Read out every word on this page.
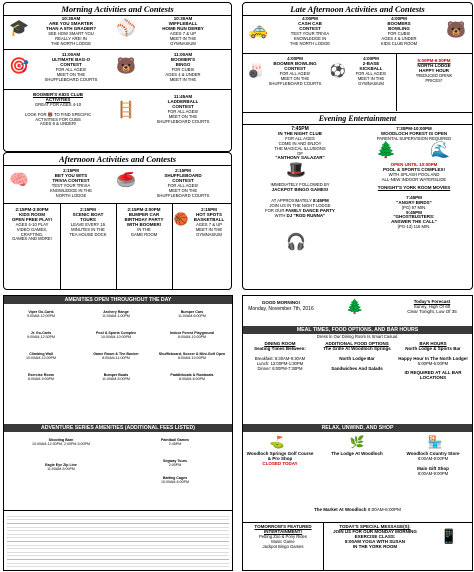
Morning Activities and Contests
🎓
10:30AM
ARE YOU SMARTER
THAN A 5TH GRADER?
SEE HOW SMART YOU
REALLY ARE! IN
THE NORTH LODGE
⚾
10:30AM
WIFFLEBALL
HOME RUN DERBY
AGES 7 & UP
MEET IN THE
GYMNASIUM
🎯
11:00AM
ULTIMATE BAG-O
CONTEST
FOR ALL AGES!
MEET ON THE
SHUFFLEBOARD COURTS
🐻
11:00AM
BOOMER'S
BINGO
FOR CUBS!
AGES 4 & UNDER
MEET IN THE
BOOMER'S KIDS CLUB
ACTIVITIES
GREAT FOR AGES 4-10

LOOK FOR 🐻 TO FIND SPECIFIC
ACTIVITIES FOR CUBS
AGES 6 & UNDER!
🪜
11:45AM
LADDERBALL
CONTEST
FOR ALL AGES!
MEET ON THE
SHUFFLEBOARD COURTS
Afternoon Activities and Contests
🧠
2:15PM
BET YOU WITS
TRIVIA CONTEST
TEST YOUR TRIVIA
KNOWLEDGE IN THE
NORTH LODGE
🥌
2:15PM
SHUFFLEBOARD
CONTEST
FOR ALL AGES!
MEET ON THE
SHUFFLEBOARD COURTS
2:15PM-3:00PM
KIDS ROOM
OPEN FREE PLAY!
AGES 4-10 PLAY
VIDEO GAMES,
CRAFTING,
GAMES AND MORE!
2:15PM
SCENIC BOAT
TOURS
LEAVE EVERY 15
MINUTES IN THE
TEA HOUSE DOCK
2:15PM-3:00PM
BUMPER CAR
BIRTHDAY PARTY
WITH BOOMER!
IN THE
GAME ROOM
🏀
2:15PM
HOT SPOTS
BASKETBALL
AGES 7 & UP
MEET IN THE
GYMNASIUM
Late Afternoon Activities and Contests
🚕
4:00PM
CASH CAB
CONTEST
TEST YOUR TRIVIA
KNOWLEDGE IN
THE NORTH LODGE
4:00PM
BOOMERS
BOWLING
FOR CUBS!
AGES 4 & UNDER
KIDS CLUB ROOM
🐻
🎳
4:00PM
BOOMER BOWLING
CONTEST
FOR ALL AGES!
MEET ON THE
SHUFFLEBOARD COURTS
⚽
4:00PM
2-BASE
KICKBALL
FOR ALL AGES!
MEET IN THE
GYMNASIUM
5:00PM-6:00PM
NORTH LODGE
HAPPY HOUR
*REDUCED DRINK
PRICES*
Evening Entertainment
7:45PM
IN THE NIGHT CLUB
FOR ALL AGES
COME IN AND ENJOY
THE MAGICAL ILLUSIONS
OF
"ANTHONY SALAZAR"
7:30PM-10:00PM
WOODLOCH FOREST IS OPEN
PARENTAL SUPERVISION REQUIRED
🌲 🌊
OPEN UNTIL 10:00PM
POOL & SPORTS COMPLEX!
WITH SPLASH POOL AND
ALL-NEW INDOOR WATERSLIDE
🎩
IMMEDIATELY FOLLOWED BY
JACKPOT BINGO GAMES!
AT APPROXIMATELY 8:45PM
JOIN US IN THE NIGHT LODGE
FOR OUR FAMILY DANCE PARTY
WITH DJ "ROD RUNNA"
🎧
TONIGHT'S YORK ROOM MOVIES

7:45PM
"ANGRY BIRDS"
(PG) 97 MIN.
9:45PM
"GHOSTBUSTERS:
ANSWER THE CALL"
(PG-13) 116 MIN.
AMENITIES OPEN THROUGHOUT THE DAY
Viper Go-Carts
9:00AM-12:00PM

Jr. Go-Carts
9:00AM-12:30PM

Climbing Wall
10:00AM-12:00PM

Exercise Room
6:00AM-9:00PM
Archery Range
11:00AM-1:00PM

Pool & Sports Complex
10:00AM-10:00PM

Game Room & The Bunker
8:00AM-11:00PM

Bumper Boats
11:00AM-5:00PM
Bumper Cars
11:00AM-6:00PM

Indoor Forest Playground
8:00AM-10:00PM

Shuffleboard, Soccer & Mini-Golf Open
8:00AM-10:00PM

Paddleboats & Rowboats
8:00AM-6:00PM
ADVENTURE SERIES AMENITIES (ADDITIONAL FEES LISTED)
Shooting Barn
10:00AM-12:30PM, 2:00PM-5:00PM

Eagle Eye Zip Line
11:00AM-5:00PM
Paintball Games
2:45PM

Segway Tours
2:00PM

Batting Cages
10:00AM-6:00PM
GOOD MORNING!
Monday, November 7th, 2016	🌲	Today's Forecast
Sunny, High Of 60
Clear Tonight, Low Of 35
MEAL TIMES, FOOD OPTIONS, AND BAR HOURS
Dress In Our Dining Room Is Smart Casual.
DINING ROOM
Seating Times Between:

Breakfast: 8:30AM-9:30AM
Lunch: 12:00PM-1:30PM
Dinner: 6:00PM-7:30PM
ADDITIONAL FOOD OPTIONS
The Grille At Woodloch Springs

North Lodge Bar

Sandwiches And Salads
BAR HOURS
North Lodge & Sports Bar

Happy Hour In The North Lodge!
5:00PM-6:00PM

ID REQUIRED AT ALL BAR LOCATIONS
RELAX, UNWIND, AND SHOP
⛳
Woodloch Springs Golf Course & Pro Shop
CLOSED TODAY
🌿
The Lodge At Woodloch
🏪
Woodloch Country Store
8:00AM-9:00PM

Main Gift Shop
8:00AM-9:00PM
The Market At Woodloch 8:00AM-6:00PM
TOMORROW'S FEATURED INTERTAINMENT!
Petting Zoo & Pony Rides
Music Game
Jackpot Bingo Games
TODAY'S SPECIAL MESSAGE(S):
JOIN US FOR OUR MONDAY MORNING
EXERCISE CLASS:
8:00AM YOGA WITH SUSAN
IN THE YORK ROOM
📱
